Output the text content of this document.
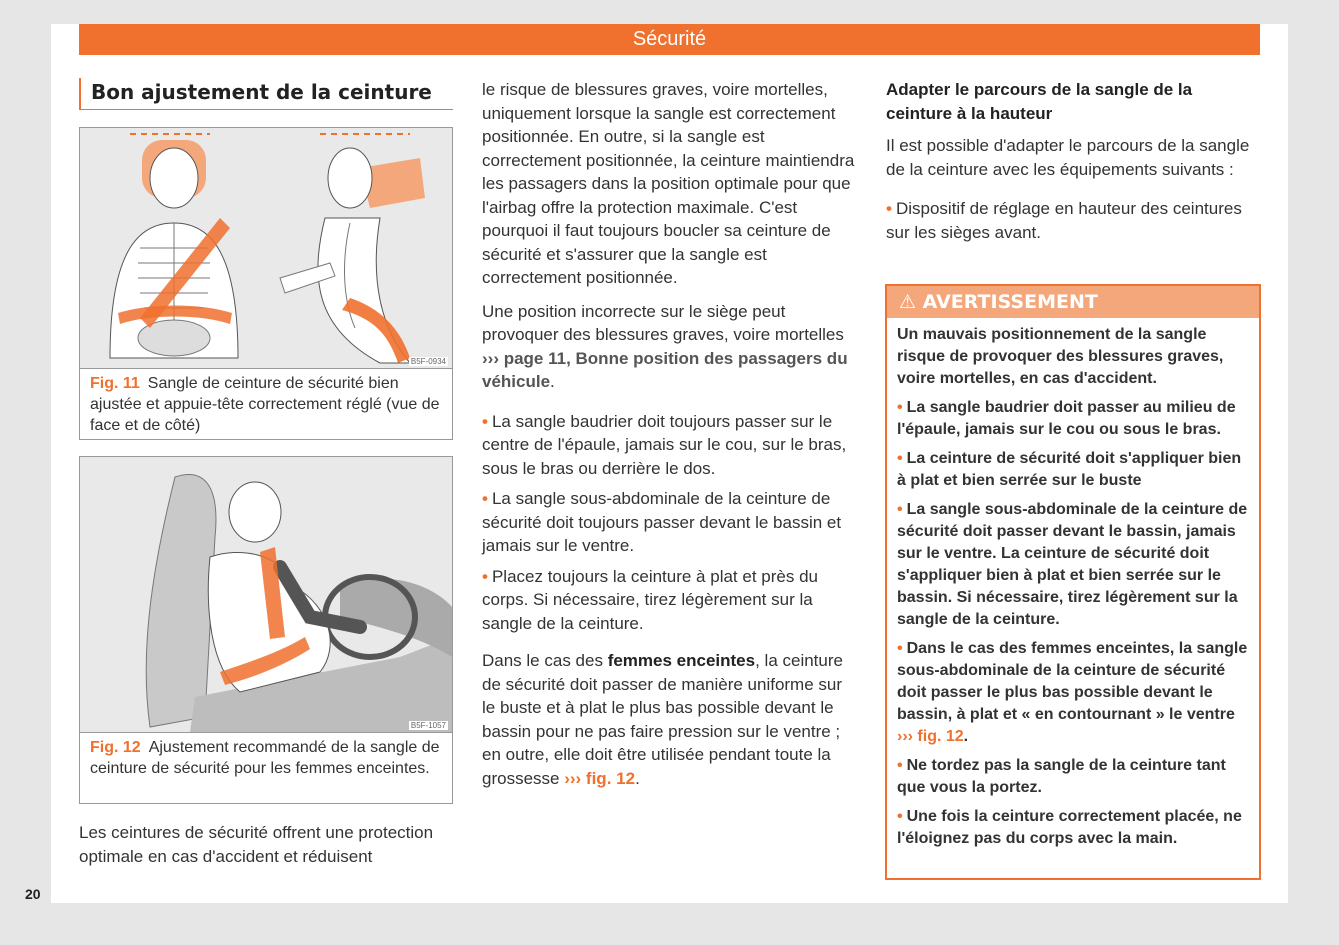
Sécurité
20
Bon ajustement de la ceinture
B5F-0934
Fig. 11 Sangle de ceinture de sécurité bien ajustée et appuie-tête correctement réglé (vue de face et de côté)
B5F-1057
Fig. 12 Ajustement recommandé de la sangle de ceinture de sécurité pour les femmes enceintes.

Les ceintures de sécurité offrent une protection optimale en cas d'accident et réduisent

le risque de blessures graves, voire mortelles, uniquement lorsque la sangle est correctement positionnée. En outre, si la sangle est correctement positionnée, la ceinture maintiendra les passagers dans la position optimale pour que l'airbag offre la protection maximale. C'est pourquoi il faut toujours boucler sa ceinture de sécurité et s'assurer que la sangle est correctement positionnée.

Une position incorrecte sur le siège peut provoquer des blessures graves, voire mortelles ››› page 11, Bonne position des passagers du véhicule.

• La sangle baudrier doit toujours passer sur le centre de l'épaule, jamais sur le cou, sur le bras, sous le bras ou derrière le dos.

• La sangle sous-abdominale de la ceinture de sécurité doit toujours passer devant le bassin et jamais sur le ventre.

• Placez toujours la ceinture à plat et près du corps. Si nécessaire, tirez légèrement sur la sangle de la ceinture.

Dans le cas des femmes enceintes, la ceinture de sécurité doit passer de manière uniforme sur le buste et à plat le plus bas possible devant le bassin pour ne pas faire pression sur le ventre ; en outre, elle doit être utilisée pendant toute la grossesse ››› fig. 12.

Adapter le parcours de la sangle de la ceinture à la hauteur

Il est possible d'adapter le parcours de la sangle de la ceinture avec les équipements suivants :

• Dispositif de réglage en hauteur des ceintures sur les sièges avant.

⚠ AVERTISSEMENT

Un mauvais positionnement de la sangle risque de provoquer des blessures graves, voire mortelles, en cas d'accident.

• La sangle baudrier doit passer au milieu de l'épaule, jamais sur le cou ou sous le bras.

• La ceinture de sécurité doit s'appliquer bien à plat et bien serrée sur le buste

• La sangle sous-abdominale de la ceinture de sécurité doit passer devant le bassin, jamais sur le ventre. La ceinture de sécurité doit s'appliquer bien à plat et bien serrée sur le bassin. Si nécessaire, tirez légèrement sur la sangle de la ceinture.

• Dans le cas des femmes enceintes, la sangle sous-abdominale de la ceinture de sécurité doit passer le plus bas possible devant le bassin, à plat et « en contournant » le ventre ››› fig. 12.

• Ne tordez pas la sangle de la ceinture tant que vous la portez.

• Une fois la ceinture correctement placée, ne l'éloignez pas du corps avec la main.
